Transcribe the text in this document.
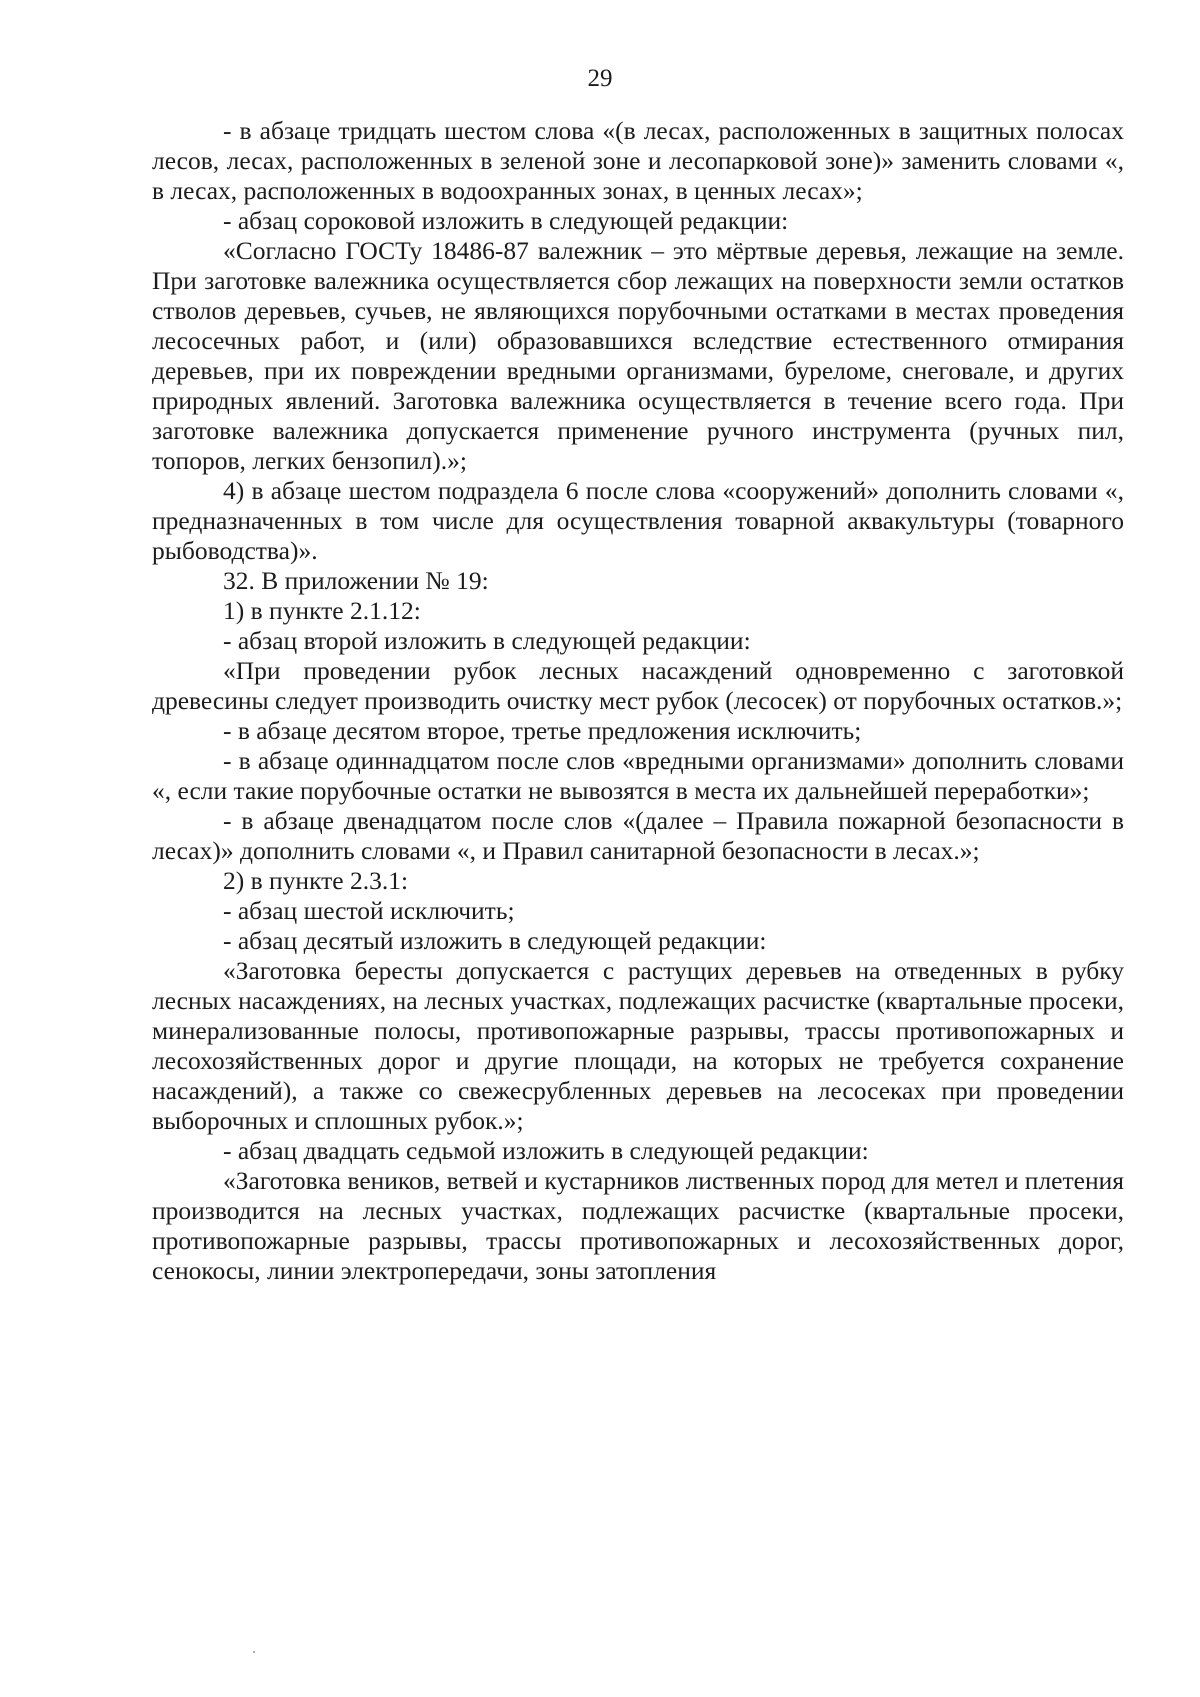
29

- в абзаце тридцать шестом слова «(в лесах, расположенных в защитных полосах лесов, лесах, расположенных в зеленой зоне и лесопарковой зоне)» заменить словами «, в лесах, расположенных в водоохранных зонах, в ценных лесах»;

- абзац сороковой изложить в следующей редакции:

«Согласно ГОСТу 18486-87 валежник – это мёртвые деревья, лежащие на земле. При заготовке валежника осуществляется сбор лежащих на поверхности земли остатков стволов деревьев, сучьев, не являющихся порубочными остатками в местах проведения лесосечных работ, и (или) образовавшихся вследствие естественного отмирания деревьев, при их повреждении вредными организмами, буреломе, снеговале, и других природных явлений. Заготовка валежника осуществляется в течение всего года. При заготовке валежника допускается применение ручного инструмента (ручных пил, топоров, легких бензопил).»;

4) в абзаце шестом подраздела 6 после слова «сооружений» дополнить словами «, предназначенных в том числе для осуществления товарной аквакультуры (товарного рыбоводства)».

32. В приложении № 19:

1) в пункте 2.1.12:

- абзац второй изложить в следующей редакции:

«При проведении рубок лесных насаждений одновременно с заготовкой древесины следует производить очистку мест рубок (лесосек) от порубочных остатков.»;

- в абзаце десятом второе, третье предложения исключить;

- в абзаце одиннадцатом после слов «вредными организмами» дополнить словами «, если такие порубочные остатки не вывозятся в места их дальнейшей переработки»;

- в абзаце двенадцатом после слов «(далее – Правила пожарной безопасности в лесах)» дополнить словами «, и Правил санитарной безопасности в лесах.»;

2) в пункте 2.3.1:

- абзац шестой исключить;

- абзац десятый изложить в следующей редакции:

«Заготовка бересты допускается с растущих деревьев на отведенных в рубку лесных насаждениях, на лесных участках, подлежащих расчистке (квартальные просеки, минерализованные полосы, противопожарные разрывы, трассы противопожарных и лесохозяйственных дорог и другие площади, на которых не требуется сохранение насаждений), а также со свежесрубленных деревьев на лесосеках при проведении выборочных и сплошных рубок.»;

- абзац двадцать седьмой изложить в следующей редакции:

«Заготовка веников, ветвей и кустарников лиственных пород для метел и плетения производится на лесных участках, подлежащих расчистке (квартальные просеки, противопожарные разрывы, трассы противопожарных и лесохозяйственных дорог, сенокосы, линии электропередачи, зоны затопления
